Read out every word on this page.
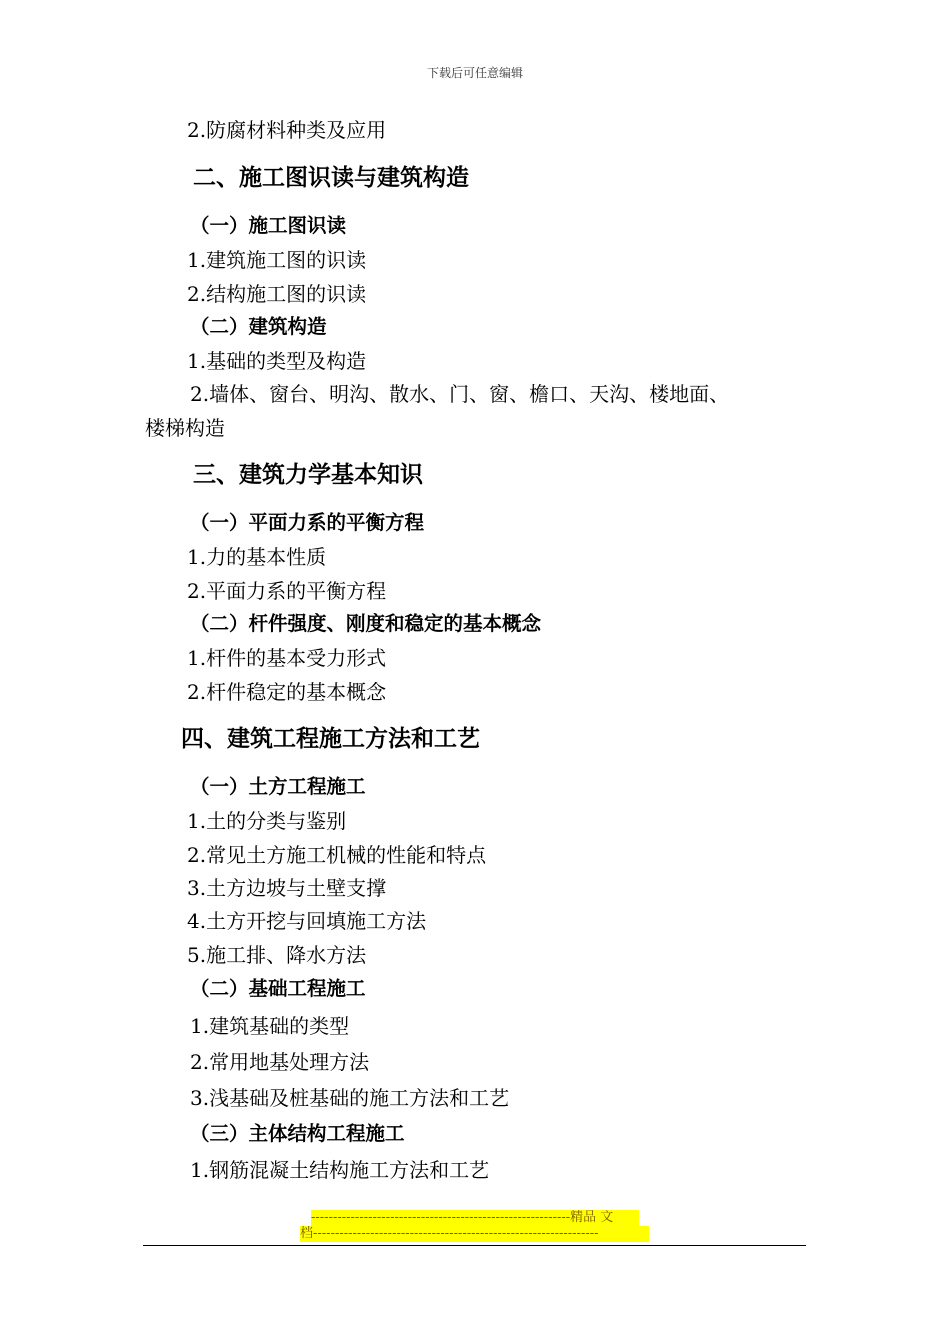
下载后可任意编辑
2.防腐材料种类及应用
二、施工图识读与建筑构造
（一）施工图识读
1.建筑施工图的识读
2.结构施工图的识读
（二）建筑构造
1.基础的类型及构造
2.墙体、窗台、明沟、散水、门、窗、檐口、天沟、楼地面、
楼梯构造
三、建筑力学基本知识
（一）平面力系的平衡方程
1.力的基本性质
2.平面力系的平衡方程
（二）杆件强度、刚度和稳定的基本概念
1.杆件的基本受力形式
2.杆件稳定的基本概念
四、建筑工程施工方法和工艺
（一）土方工程施工
1.土的分类与鉴别
2.常见土方施工机械的性能和特点
3.土方边坡与土壁支撑
4.土方开挖与回填施工方法
5.施工排、降水方法
（二）基础工程施工
1.建筑基础的类型
2.常用地基处理方法
3.浅基础及桩基础的施工方法和工艺
（三）主体结构工程施工
1.钢筋混凝土结构施工方法和工艺
-----------------------------------------------------------精品 文
档-----------------------------------------------------------------
